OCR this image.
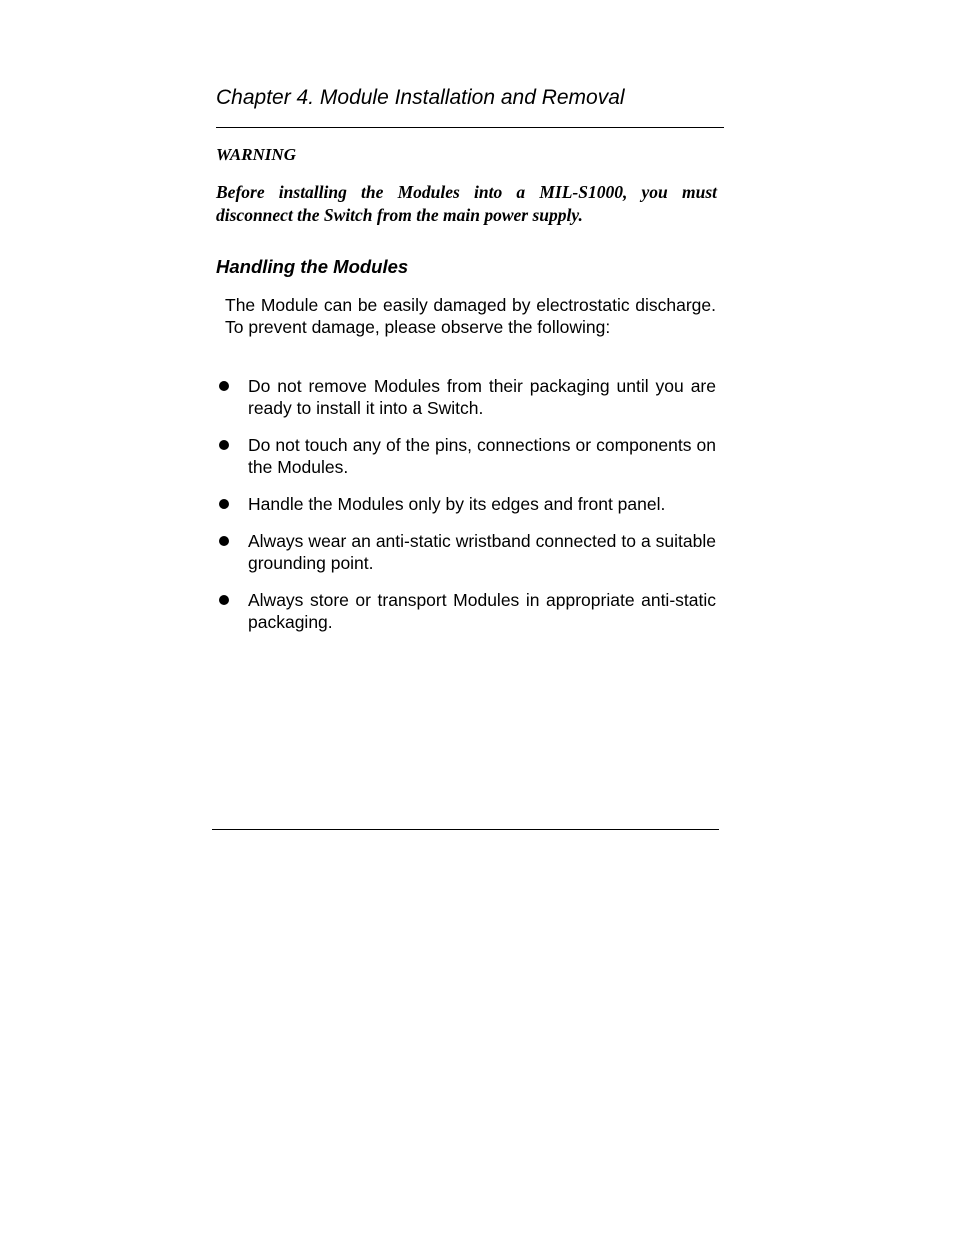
Chapter 4. Module Installation and Removal

WARNING

Before installing the Modules into a MIL-S1000, you must disconnect the Switch from the main power supply.

Handling the Modules

The Module can be easily damaged by electrostatic discharge. To prevent damage, please observe the following:

Do not remove Modules from their packaging until you are ready to install it into a Switch.
Do not touch any of the pins, connections or components on the Modules.
Handle the Modules only by its edges and front panel.
Always wear an anti-static wristband connected to a suitable grounding point.
Always store or transport Modules in appropriate anti-static packaging.
